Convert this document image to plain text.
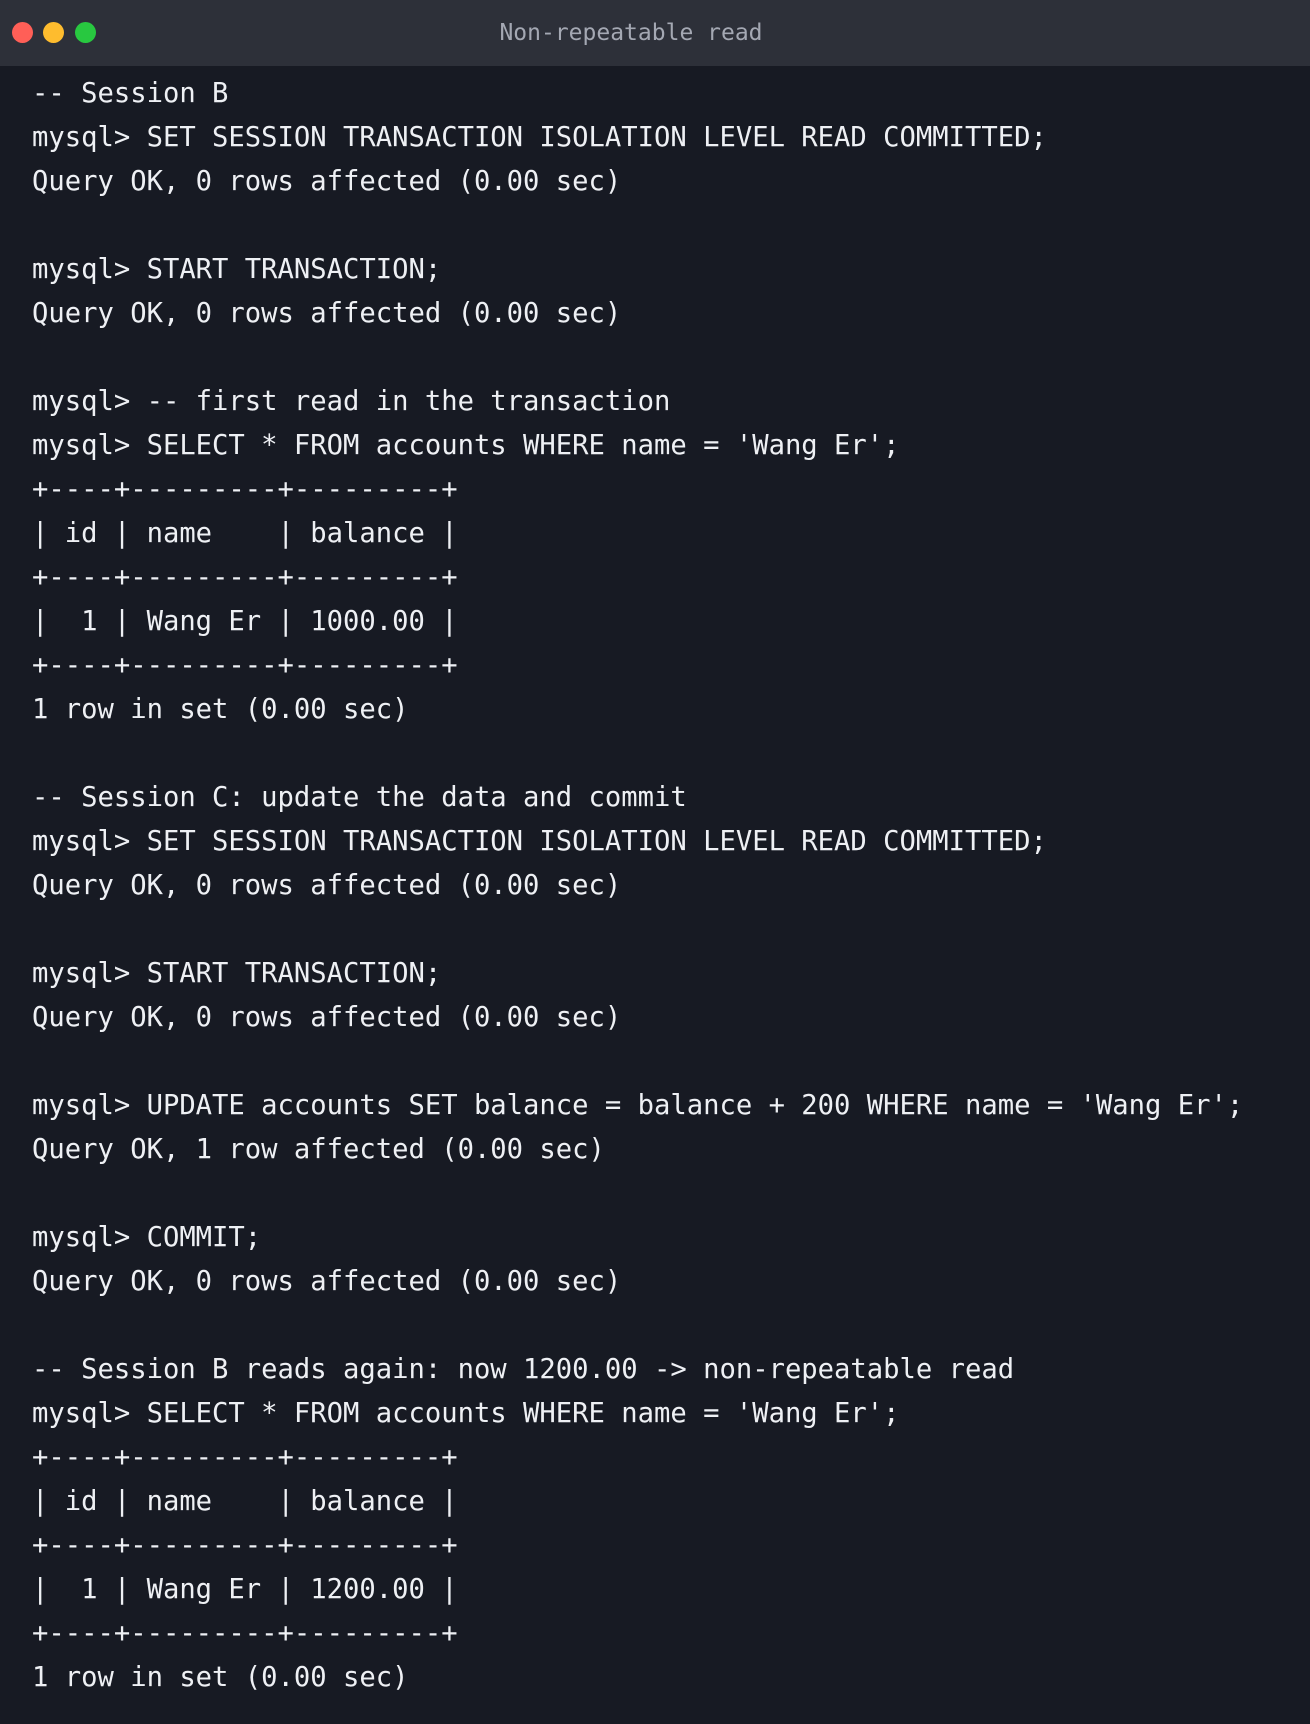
Non-repeatable read
-- Session B
mysql> SET SESSION TRANSACTION ISOLATION LEVEL READ COMMITTED;
Query OK, 0 rows affected (0.00 sec)
mysql> START TRANSACTION;
Query OK, 0 rows affected (0.00 sec)
mysql> -- first read in the transaction
mysql> SELECT * FROM accounts WHERE name = 'Wang Er';
+----+---------+---------+
| id | name    | balance |
+----+---------+---------+
|  1 | Wang Er | 1000.00 |
+----+---------+---------+
1 row in set (0.00 sec)
-- Session C: update the data and commit
mysql> SET SESSION TRANSACTION ISOLATION LEVEL READ COMMITTED;
Query OK, 0 rows affected (0.00 sec)
mysql> START TRANSACTION;
Query OK, 0 rows affected (0.00 sec)
mysql> UPDATE accounts SET balance = balance + 200 WHERE name = 'Wang Er';
Query OK, 1 row affected (0.00 sec)
mysql> COMMIT;
Query OK, 0 rows affected (0.00 sec)
-- Session B reads again: now 1200.00 -> non-repeatable read
mysql> SELECT * FROM accounts WHERE name = 'Wang Er';
+----+---------+---------+
| id | name    | balance |
+----+---------+---------+
|  1 | Wang Er | 1200.00 |
+----+---------+---------+
1 row in set (0.00 sec)
